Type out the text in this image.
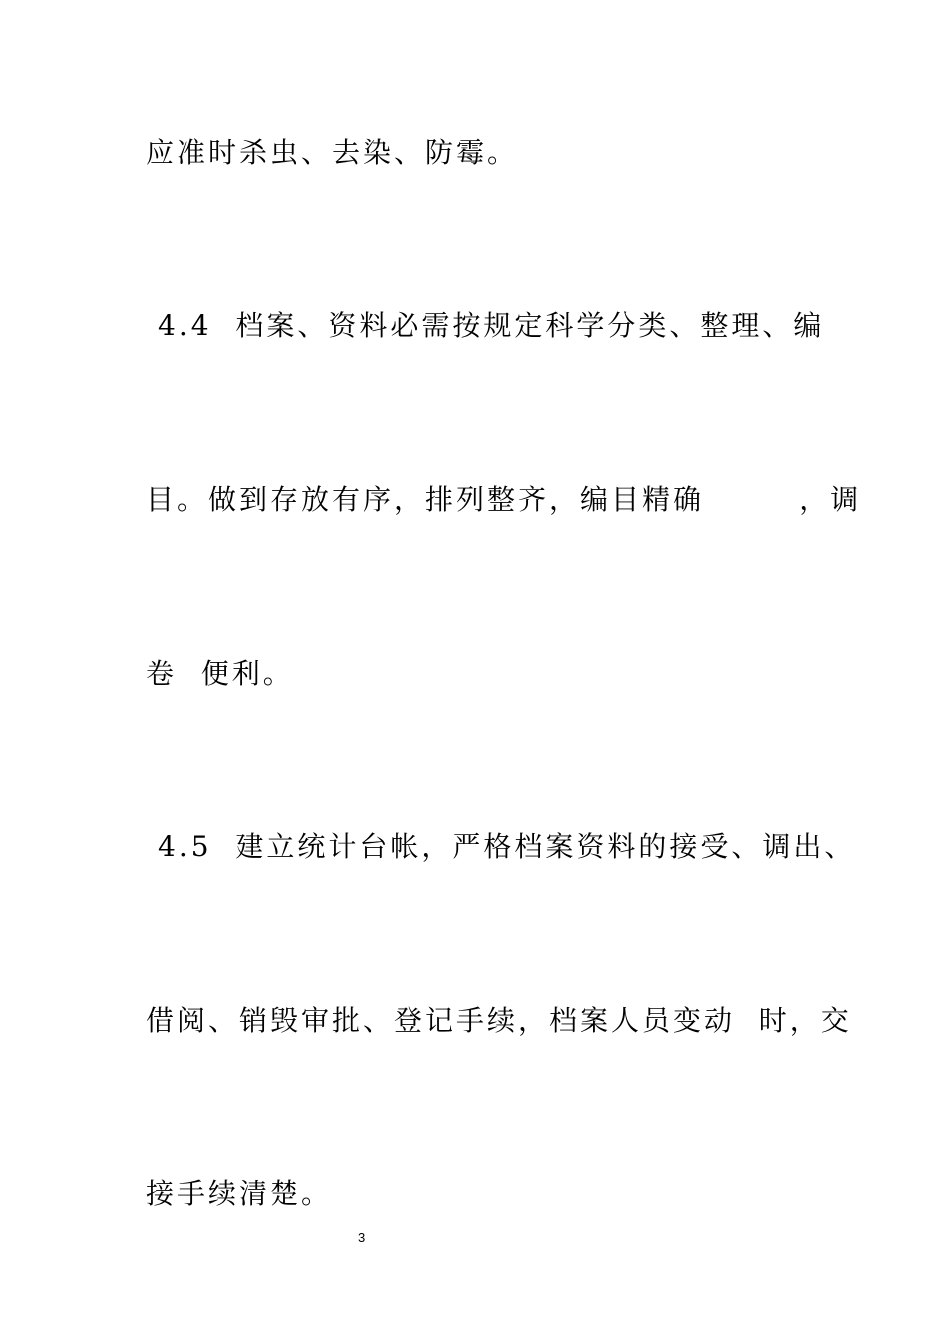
应准时杀虫、去染、防霉。
4.4  档案、资料必需按规定科学分类、整理、编
目。做到存放有序，排列整齐，编目精确        ，调
卷  便利。
4.5  建立统计台帐，严格档案资料的接受、调出、
借阅、销毁审批、登记手续，档案人员变动  时，交
接手续清楚。
3
